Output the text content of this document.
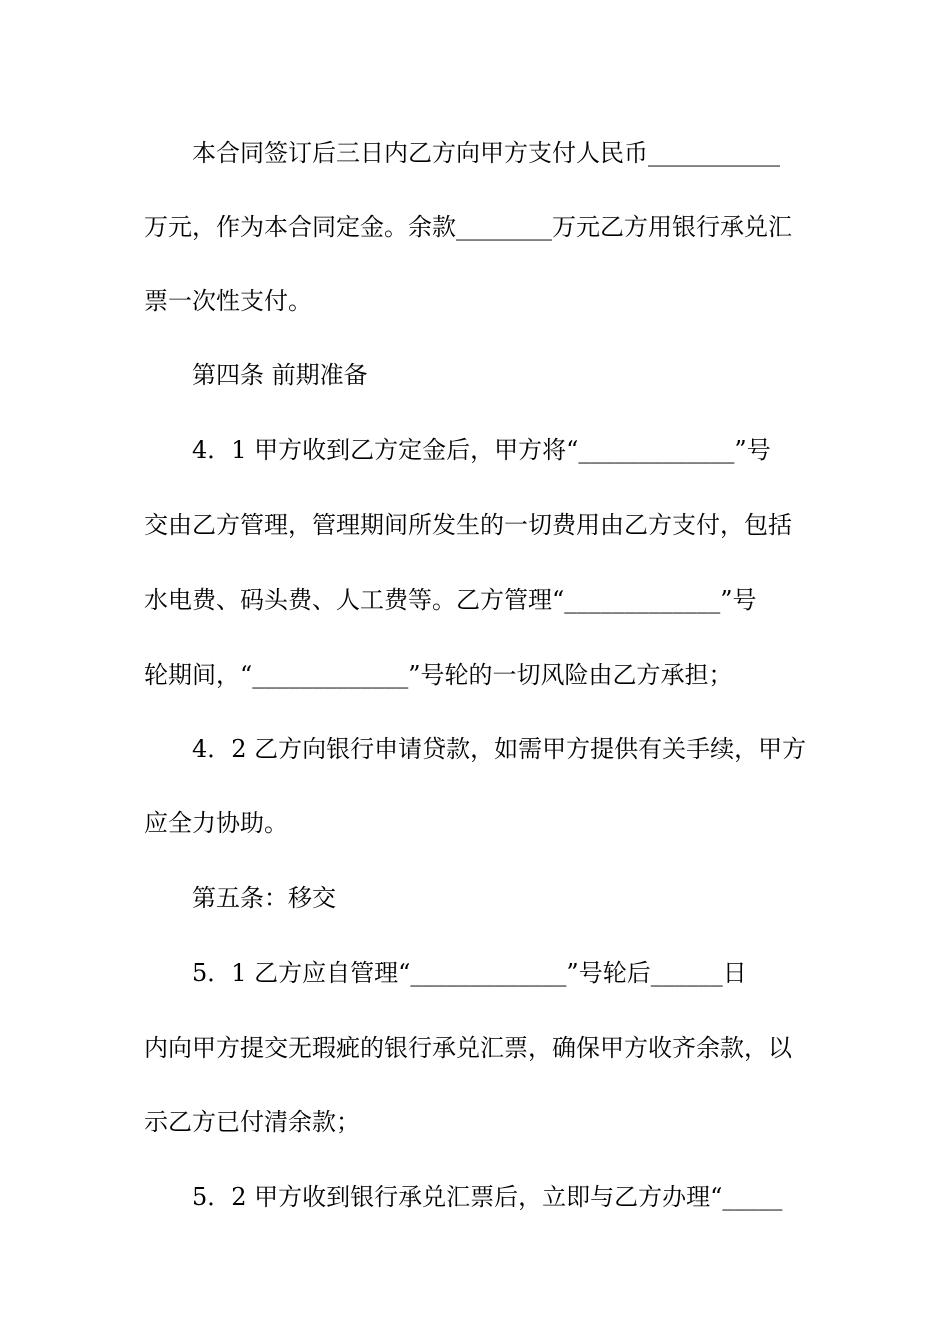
本合同签订后三日内乙方向甲方支付人民币___________
万元，作为本合同定金。余款________万元乙方用银行承兑汇
票一次性支付。
第四条 前期准备
4．1 甲方收到乙方定金后，甲方将“_____________”号
交由乙方管理，管理期间所发生的一切费用由乙方支付，包括
水电费、码头费、人工费等。乙方管理“_____________”号
轮期间，“_____________”号轮的一切风险由乙方承担；
4．2 乙方向银行申请贷款，如需甲方提供有关手续，甲方
应全力协助。
第五条：移交
5．1 乙方应自管理“_____________”号轮后______日
内向甲方提交无瑕疵的银行承兑汇票，确保甲方收齐余款，以
示乙方已付清余款；
5．2 甲方收到银行承兑汇票后，立即与乙方办理“_____
